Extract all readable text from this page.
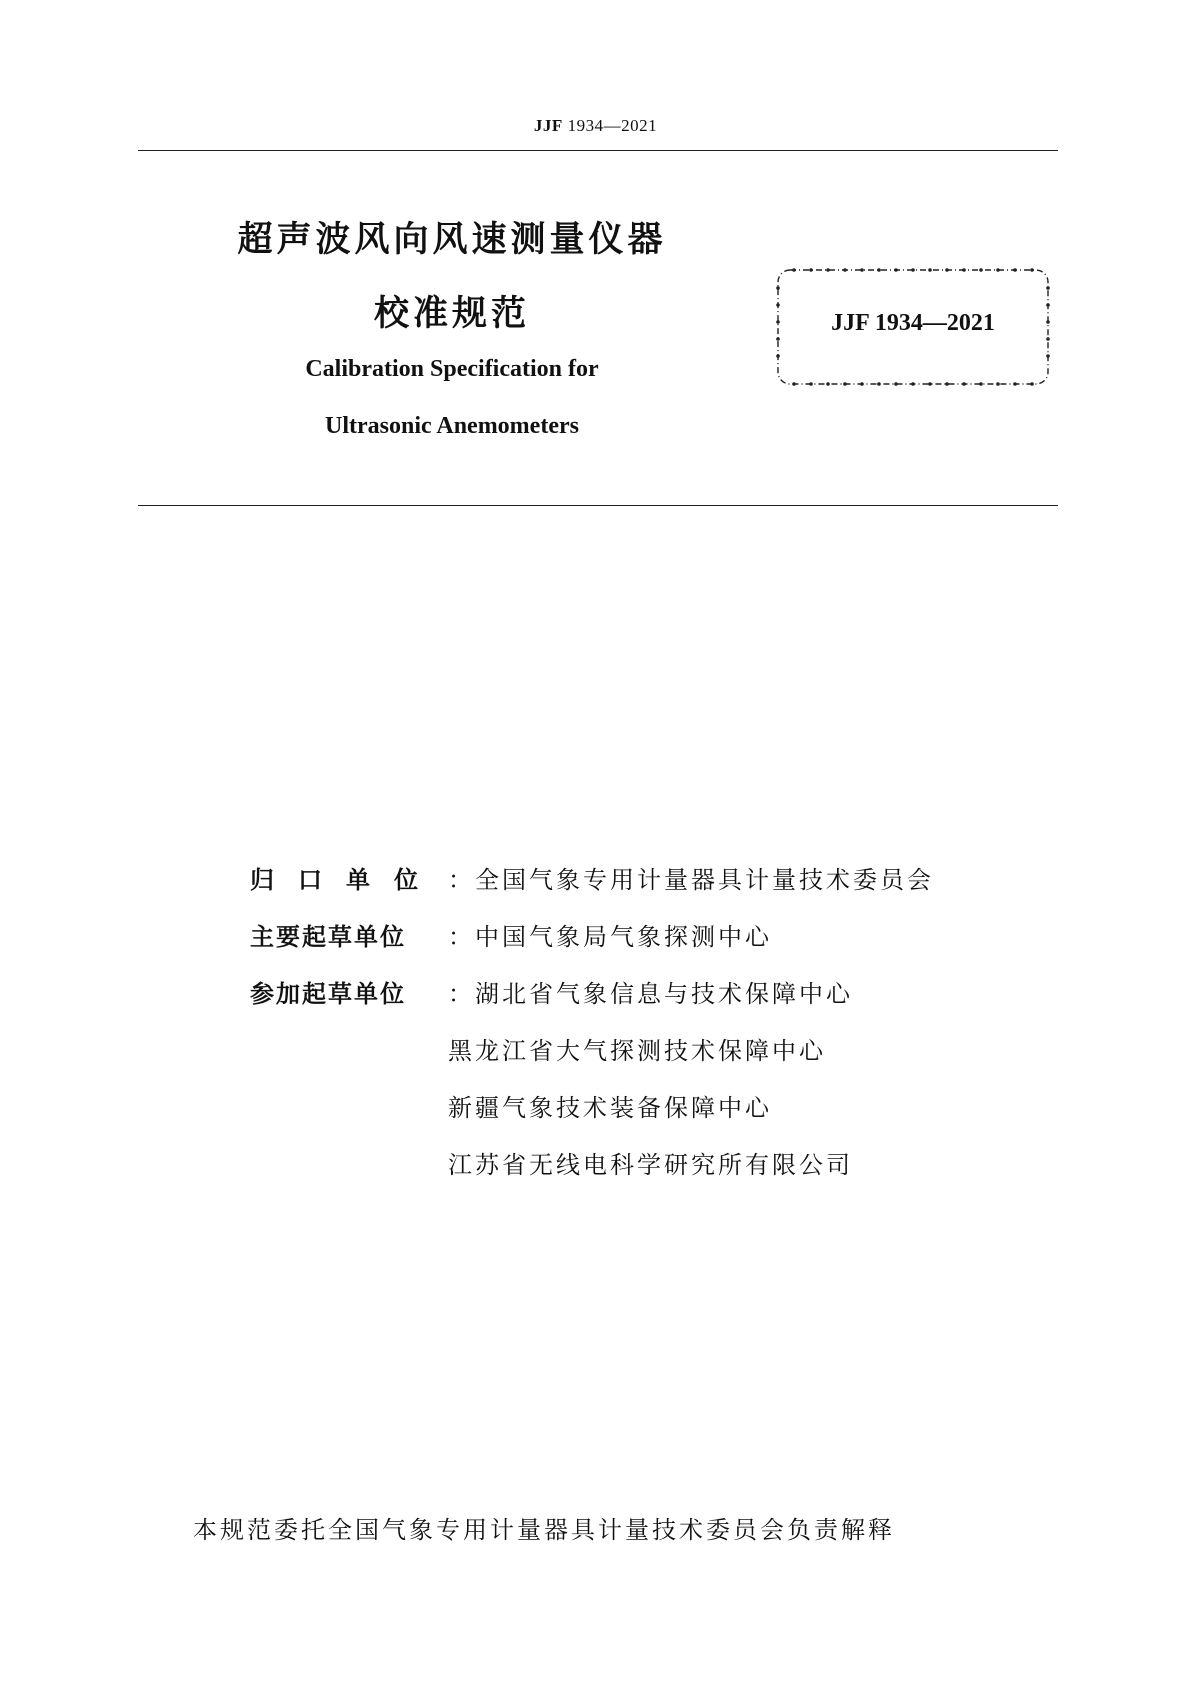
JJF 1934—2021
超声波风向风速测量仪器
校准规范
Calibration Specification for
Ultrasonic Anemometers
JJF 1934—2021
归口单位 ：全国气象专用计量器具计量技术委员会
主要起草单位 ：中国气象局气象探测中心
参加起草单位 ：湖北省气象信息与技术保障中心
黑龙江省大气探测技术保障中心
新疆气象技术装备保障中心
江苏省无线电科学研究所有限公司
本规范委托全国气象专用计量器具计量技术委员会负责解释
